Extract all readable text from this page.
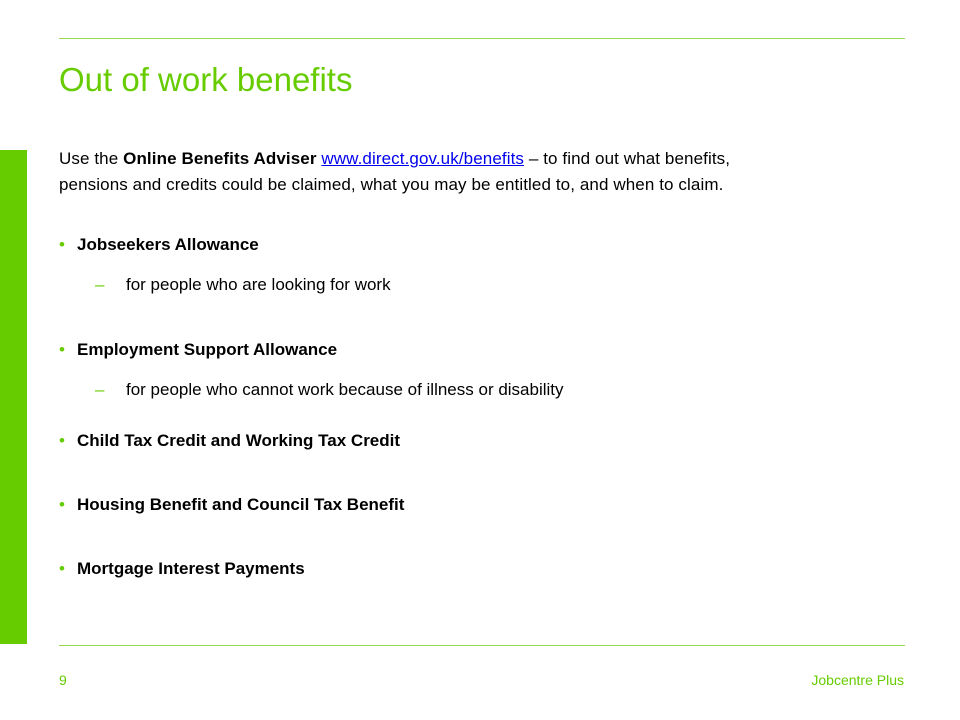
Out of work benefits
Use the Online Benefits Adviser www.direct.gov.uk/benefits – to find out what benefits,
pensions and credits could be claimed, what you may be entitled to, and when to claim.
• Jobseekers Allowance
– for people who are looking for work
• Employment Support Allowance
– for people who cannot work because of illness or disability
• Child Tax Credit and Working Tax Credit
• Housing Benefit and Council Tax Benefit
• Mortgage Interest Payments
9	Jobcentre Plus
